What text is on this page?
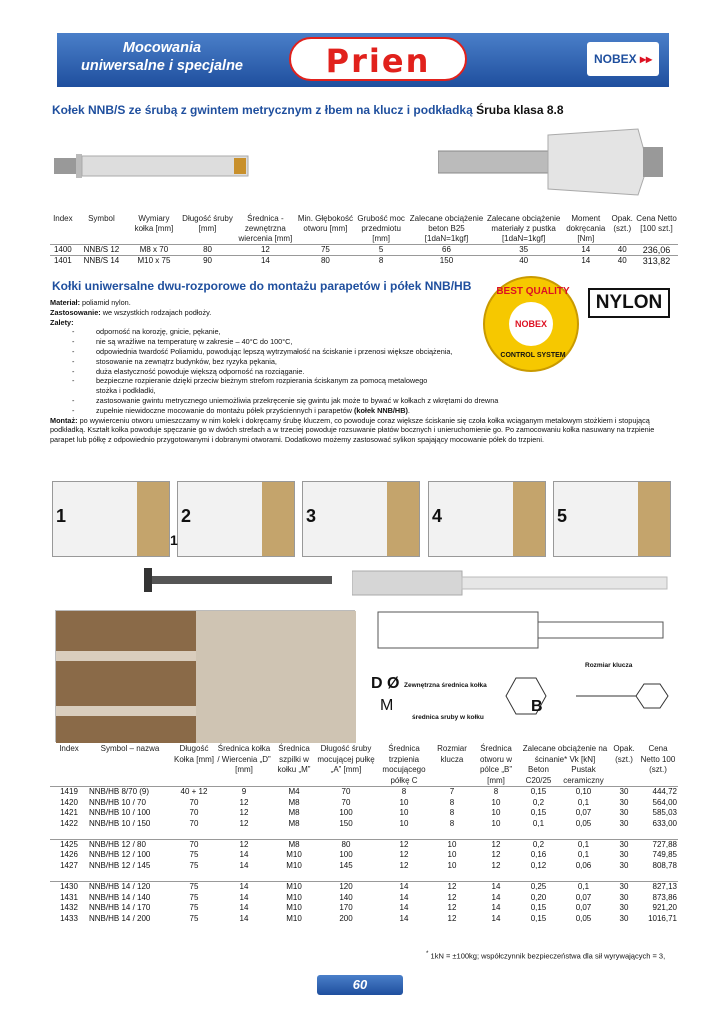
Mocowania
uniwersalne i specjalne	Prien	NOBEX ▸▸
Kołek NNB/S ze śrubą z gwintem metrycznym z łbem na klucz i podkładką Śruba klasa 8.8
Index	Symbol	Wymiary kołka [mm]	Długość śruby [mm]	Średnica - zewnętrzna wiercenia [mm]	Min. Głębokość otworu [mm]	Grubość moc przedmiotu [mm]	Zalecane obciążenie beton B25 [1daN=1kgf]	Zalecane obciążenie materiały z pustka [1daN=1kgf]	Moment dokręcania [Nm]	Opak. (szt.)	Cena Netto [100 szt.]
1400	NNB/S 12	M8 x 70	80	12	75	5	66	35	14	40	236,06
1401	NNB/S 14	M10 x 75	90	14	80	8	150	40	14	40	313,82
Kołki uniwersalne dwu-rozporowe do montażu parapetów i półek NNB/HB
Materiał: poliamid nylon.
Zastosowanie: we wszystkich rodzajach podłoży.
Zalety:
- odporność na korozję, gnicie, pękanie,
- nie są wrażliwe na temperaturę w zakresie – 40°C do 100°C,
- odpowiednia twardość Poliamidu, powodując lepszą wytrzymałość na ściskanie i przenosi większe obciążenia,
- stosowanie na zewnątrz budynków, bez ryzyka pękania,
- duża elastyczność powoduje większą odporność na rozciąganie.
- bezpieczne rozpieranie dzięki przeciw bieżnym strefom rozpierania ściskanym za pomocą metalowego
stożka i podkładki,
- zastosowanie gwintu metrycznego uniemożliwia przekręcenie się gwintu jak może to bywać w kołkach z wkrętami do drewna
- zupełnie niewidoczne mocowanie do montażu półek przyściennych i parapetów (kołek NNB/HB).
Montaż: po wywierceniu otworu umieszczamy w nim kołek i dokręcamy śrubę kluczem, co powoduje coraz większe ściskanie się czoła kołka wciąganym metalowym stożkiem i stopującą podkładką. Kształt kołka powoduje spęczanie go w dwóch strefach a w trzeciej powoduje rozsuwanie płatów bocznych i unieruchomienie go. Po zamocowaniu kołka nasuwany na trzpienie parapet lub półkę z odpowiednio przygotowanymi i dobranymi otworami. Dodatkowo możemy zastosować sylikon spajający mocowanie półek do trzpieni.
BEST QUALITY
NOBEX
CONTROL SYSTEM
NYLON
1	2	3	4	5
1
Rozmiar klucza
D Ø Zewnętrzna średnica kołka
M
średnica sruby w kołku
B
Index	Symbol – nazwa	Długość Kołka [mm]	Średnica kołka / Wiercenia „D” [mm]	Średnica szpilki w kołku „M”	Długość śruby mocującej pułkę „A” [mm]	Średnica trzpienia mocującego półkę C	Rozmiar klucza	Średnica otworu w pólce „B” [mm]	Zalecane obciążenie na ścinanie* Vk [kN]		Opak. (szt.)	Cena Netto 100 (szt.)
									Beton C20/25	Pustak ceramiczny		
1419	NNB/HB 8/70 (9)	40 + 12	9	M4	70	8	7	8	0,15	0,10	30	444,72
1420	NNB/HB 10 / 70	70	12	M8	70	10	8	10	0,2	0,1	30	564,00
1421	NNB/HB 10 / 100	70	12	M8	100	10	8	10	0,15	0,07	30	585,03
1422	NNB/HB 10 / 150	70	12	M8	150	10	8	10	0,1	0,05	30	633,00

1425	NNB/HB 12 / 80	70	12	M8	80	12	10	12	0,2	0,1	30	727,88
1426	NNB/HB 12 / 100	75	14	M10	100	12	10	12	0,16	0,1	30	749,85
1427	NNB/HB 12 / 145	75	14	M10	145	12	10	12	0,12	0,06	30	808,78

1430	NNB/HB 14 / 120	75	14	M10	120	14	12	14	0,25	0,1	30	827,13
1431	NNB/HB 14 / 140	75	14	M10	140	14	12	14	0,20	0,07	30	873,86
1432	NNB/HB 14 / 170	75	14	M10	170	14	12	14	0,15	0,07	30	921,20
1433	NNB/HB 14 / 200	75	14	M10	200	14	12	14	0,15	0,05	30	1016,71
* 1kN = ±100kg; współczynnik bezpieczeństwa dla sił wyrywających = 3,
60
